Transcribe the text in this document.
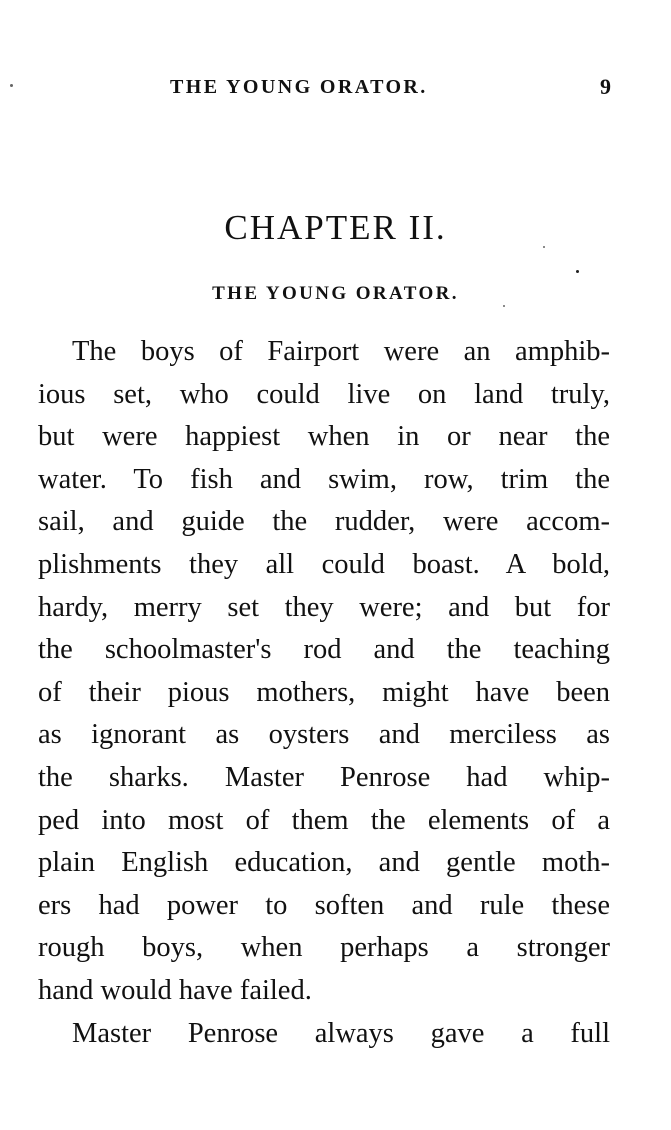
THE YOUNG ORATOR.	9
CHAPTER II.
THE YOUNG ORATOR.
The boys of Fairport were an amphib-
ious set, who could live on land truly,
but were happiest when in or near the
water. To fish and swim, row, trim the
sail, and guide the rudder, were accom-
plishments they all could boast. A bold,
hardy, merry set they were; and but for
the schoolmaster's rod and the teaching
of their pious mothers, might have been
as ignorant as oysters and merciless as
the sharks. Master Penrose had whip-
ped into most of them the elements of a
plain English education, and gentle moth-
ers had power to soften and rule these
rough boys, when perhaps a stronger
hand would have failed.
Master Penrose always gave a full
